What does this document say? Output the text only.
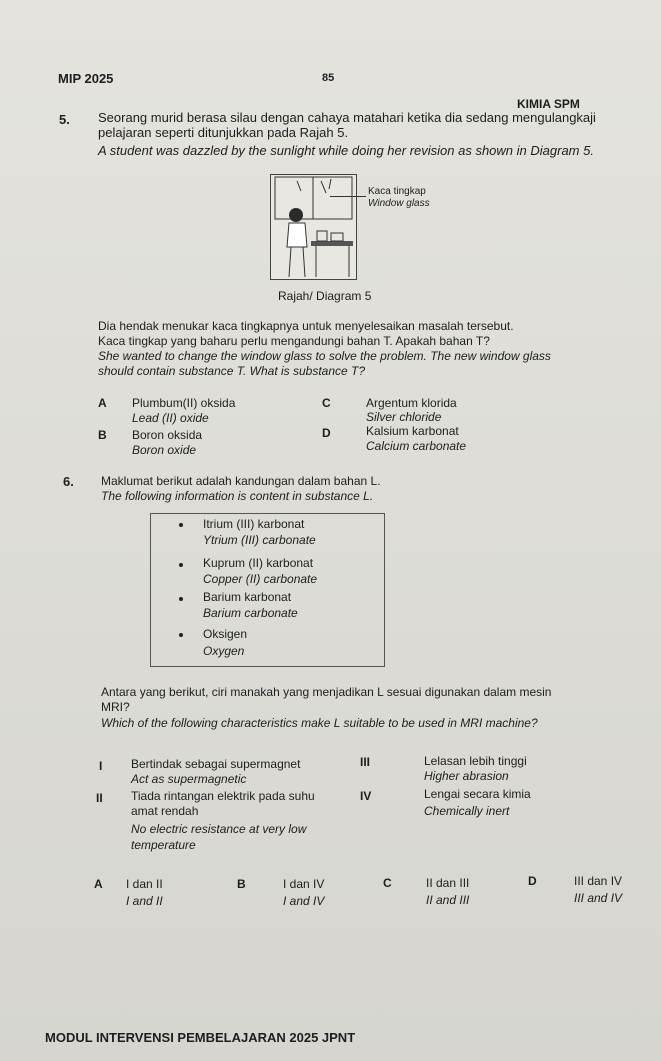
MIP 2025	85
KIMIA SPM
5. Seorang murid berasa silau dengan cahaya matahari ketika dia sedang mengulangkaji
pelajaran seperti ditunjukkan pada Rajah 5.
A student was dazzled by the sunlight while doing her revision as shown in Diagram 5.
Kaca tingkap
Window glass
Rajah/ Diagram 5
Dia hendak menukar kaca tingkapnya untuk menyelesaikan masalah tersebut.
Kaca tingkap yang baharu perlu mengandungi bahan T. Apakah bahan T?
She wanted to change the window glass to solve the problem. The new window glass
should contain substance T. What is substance T?
A Plumbum(II) oksida
Lead (II) oxide
B Boron oksida
Boron oxide
C	Argentum klorida
Silver chloride
D	Kalsium karbonat
Calcium carbonate
6. Maklumat berikut adalah kandungan dalam bahan L.
The following information is content in substance L.
Itrium (III) karbonat
Ytrium (III) carbonate
Kuprum (II) karbonat
Copper (II) carbonate
Barium karbonat
Barium carbonate
Oksigen
Oxygen
Antara yang berikut, ciri manakah yang menjadikan L sesuai digunakan dalam mesin
MRI?
Which of the following characteristics make L suitable to be used in MRI machine?
I Bertindak sebagai supermagnet
Act as supermagnetic
II Tiada rintangan elektrik pada suhu
amat rendah
No electric resistance at very low
temperature
III	Lelasan lebih tinggi
Higher abrasion
IV	Lengai secara kimia
Chemically inert
A I dan II
I and II
B	I dan IV
I and IV
C	II dan III
II and III
D	III dan IV
III and IV
MODUL INTERVENSI PEMBELAJARAN 2025 JPNT
